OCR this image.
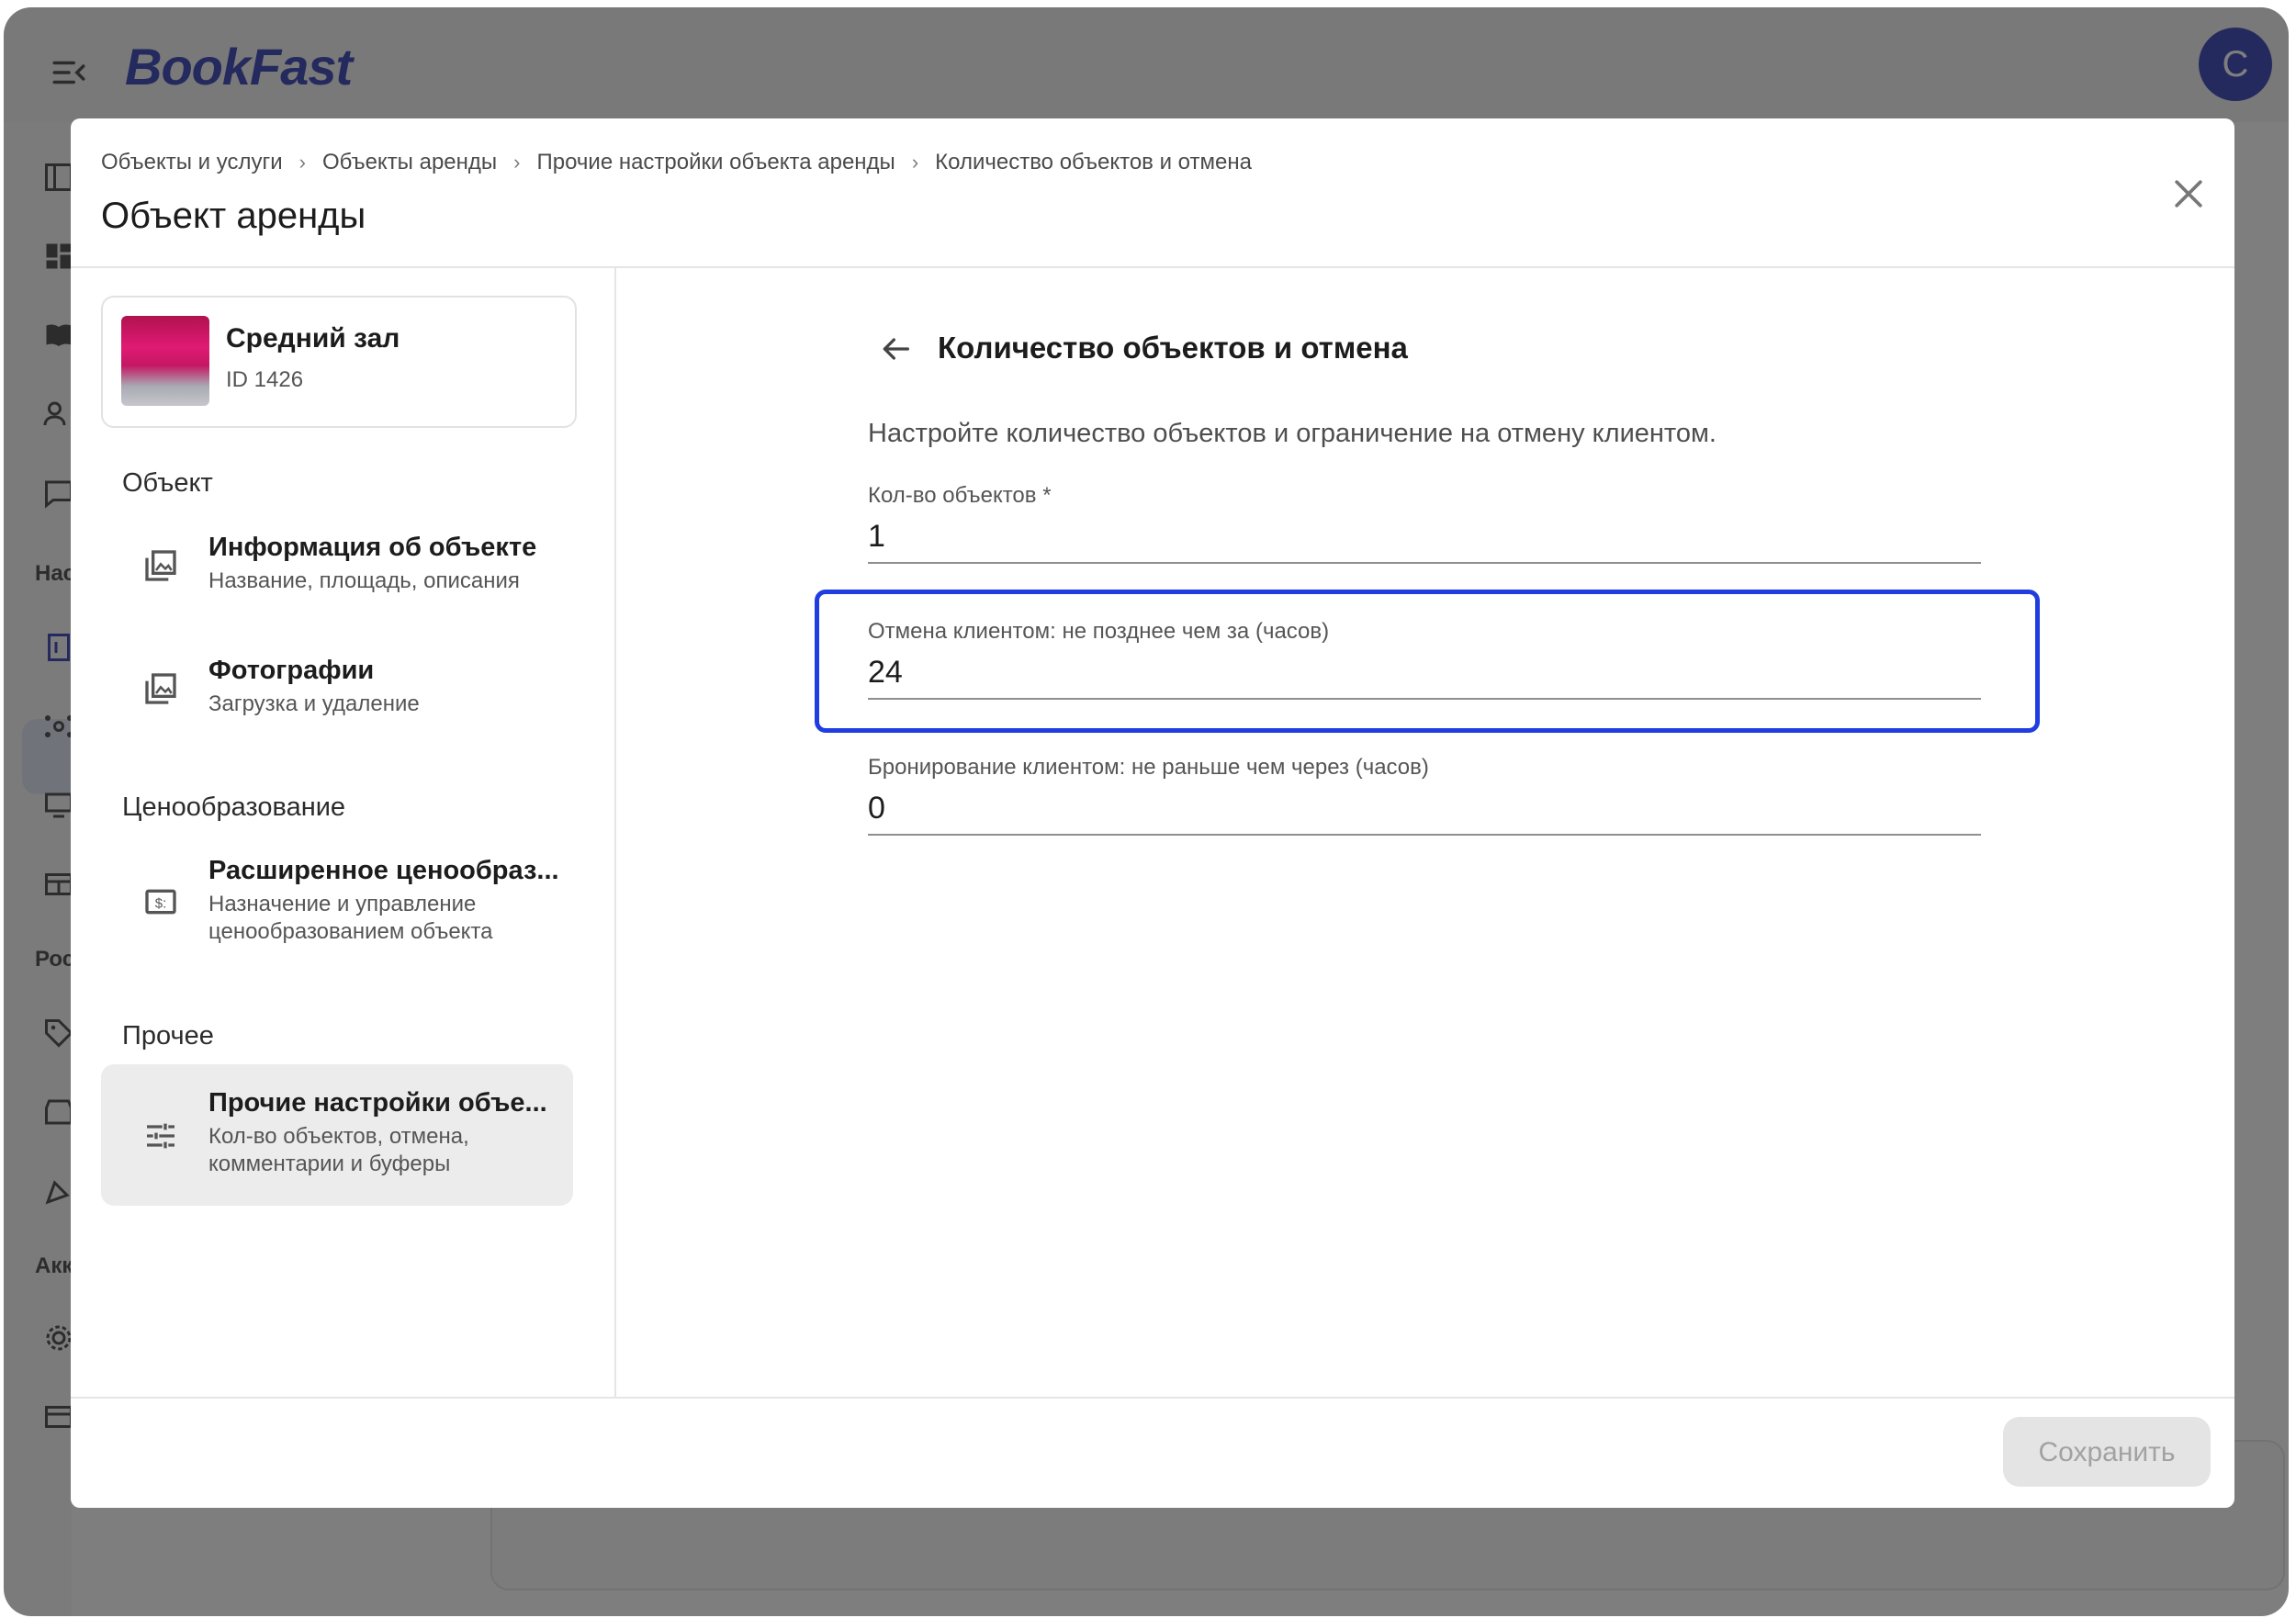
Объекты и услуги › Объекты аренды › Прочие настройки объекта аренды › Количество объектов и отмена
Объект аренды
Средний зал
ID 1426
Объект
Информация об объекте
Название, площадь, описания
Фотографии
Загрузка и удаление
Ценообразование
$:
Расширенное ценообраз...
Назначение и управление ценообразованием объекта
Прочее
Прочие настройки объе...
Кол-во объектов, отмена, комментарии и буферы
Количество объектов и отмена
Настройте количество объектов и ограничение на отмену клиентом.
Кол-во объектов *
1
Отмена клиентом: не позднее чем за (часов)
24
Бронирование клиентом: не раньше чем через (часов)
0
Сохранить
